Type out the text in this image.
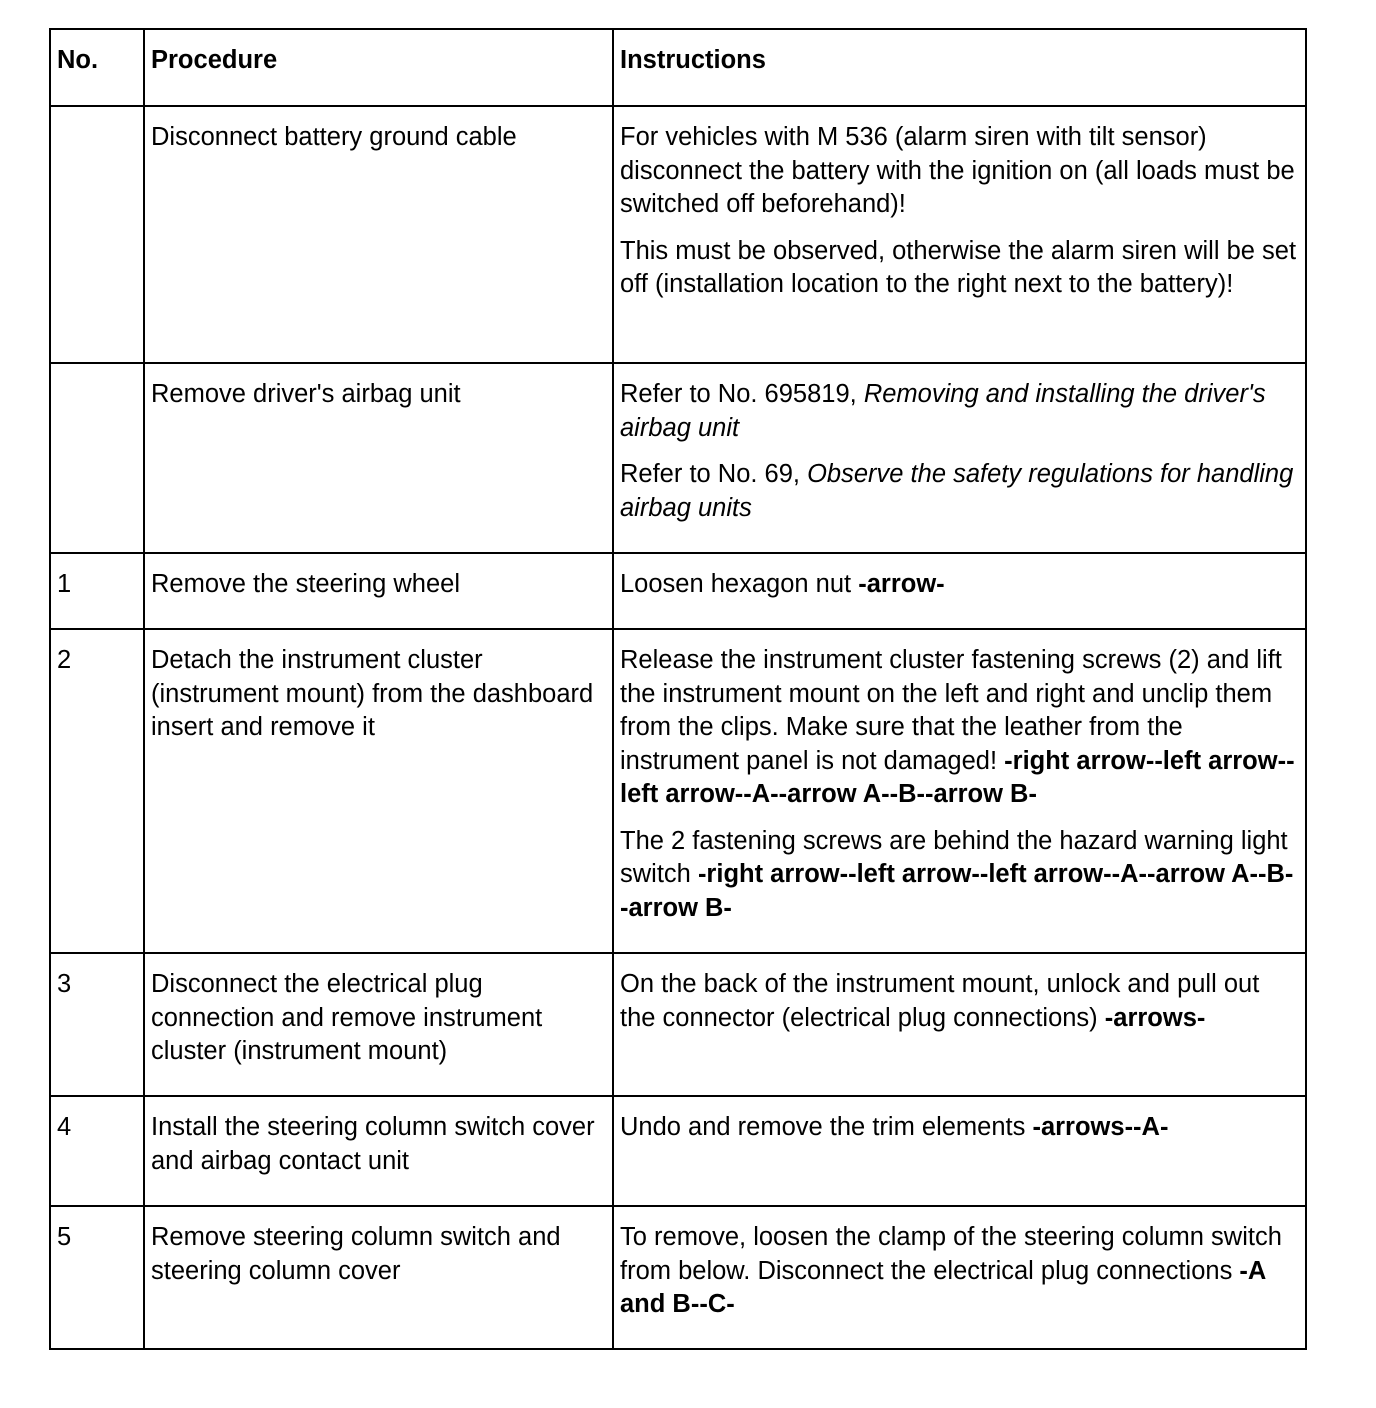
No.	Procedure	Instructions
	Disconnect battery ground cable	For vehicles with M 536 (alarm siren with tilt sensor) disconnect the battery with the ignition on (all loads must be switched off beforehand)!

This must be observed, otherwise the alarm siren will be set off (installation location to the right next to the battery)!

	Remove driver's airbag unit	Refer to No. 695819, Removing and installing the driver's airbag unit

Refer to No. 69, Observe the safety regulations for handling airbag units

1	Remove the steering wheel	Loosen hexagon nut -arrow-

2	Detach the instrument cluster (instrument mount) from the dashboard insert and remove it	Release the instrument cluster fastening screws (2) and lift the instrument mount on the left and right and unclip them from the clips. Make sure that the leather from the instrument panel is not damaged! -right arrow--left arrow--left arrow--A--arrow A--B--arrow B-

The 2 fastening screws are behind the hazard warning light switch -right arrow--left arrow--left arrow--A--arrow A--B--arrow B-

3	Disconnect the electrical plug connection and remove instrument cluster (instrument mount)	On the back of the instrument mount, unlock and pull out the connector (electrical plug connections) -arrows-

4	Install the steering column switch cover and airbag contact unit	Undo and remove the trim elements -arrows--A-

5	Remove steering column switch and steering column cover	To remove, loosen the clamp of the steering column switch from below. Disconnect the electrical plug connections -A and B--C-
